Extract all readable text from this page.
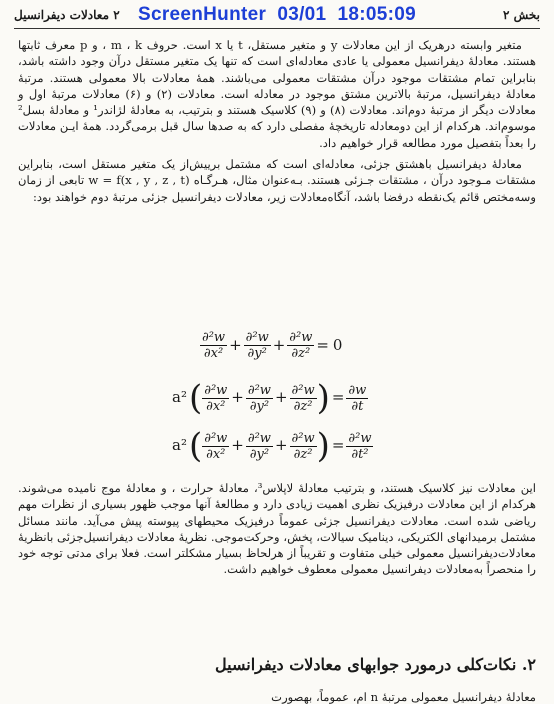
بخش ۲
۲ معادلات دیفرانسیل ScreenHunter  03/01  18:05:09

متغیر وابسته درهریک از این معادلات y و متغیر مستقل، t یا x است. حروف m ، k ، و p معرف ثابتها هستند. معادلهٔ دیفرانسیل معمولی یا عادی معادله‌ای است که تنها یک متغیر مستقل درآن وجود داشته باشد، بنابراین تمام مشتقات موجود درآن مشتقات معمولی می‌باشند. همهٔ معادلات بالا معمولی هستند. مرتبهٔ معادلهٔ دیفرانسیل، مرتبهٔ بالاترین مشتق موجود در معادله است. معادلات (۲) و (۶) معادلات مرتبهٔ اول و معادلات دیگر از مرتبهٔ دوم‌اند. معادلات (۸) و (۹) کلاسیک هستند و بترتیب، به معادلهٔ لژاندر¹ و معادلهٔ بسل² موسوم‌اند. هرکدام از این دومعادله تاریخچهٔ مفصلی دارد که به صدها سال قبل برمی‌گردد. همهٔ ایـن معادلات را بعداً بتفصیل مورد مطالعه قرار خواهیم داد.

معادلهٔ دیفرانسیل باهشتق جزئی، معادله‌ای است که مشتمل برییش‌از یک متغیر مستقل است، بنابراین مشتقات مـوجود درآن ، مشتقات جـزئی هستند. بـه‌عنوان مثال، هـرگـاه w = f(x , y , z , t) تابعی از زمان وسه‌مختص قائم یک‌نقطه درفضا باشد، آنگاه‌معادلات زیر، معادلات دیفرانسیل جزئی مرتبهٔ دوم خواهند بود:

$\frac{\text{∂²w}}{\text{∂x²}} + \frac{\text{∂²w}}{\text{∂y²}} + \frac{\text{∂²w}}{\text{∂z²}} = 0$
$a^2( \frac{\text{∂²w}}{\text{∂x²}} + \frac{\text{∂²w}}{\text{∂y²}} + \frac{\text{∂²w}}{\text{∂z²}}$ ) = $\frac{\partial w}{\partial t}$
$a^2( \frac{\text{∂²w}}{\text{∂x²}} + \frac{\text{∂²w}}{\text{∂y²}} + \frac{\text{∂²w}}{\text{∂z²}}$ ) = $\frac{\text{∂²w}}{\text{∂t²}}$

این معادلات نیز کلاسیک هستند، و بترتیب معادلهٔ لاپلاس³، معادلهٔ حرارت ، و معادلهٔ موج نامیده می‌شوند. هرکدام از این معادلات درفیزیک نظری اهمیت زیادی دارد و مطالعهٔ آنها موجب ظهور بسیاری از نظرات مهم ریاضی شده است. معادلات دیفرانسیل جزئی عموماً درفیزیک محیطهای پیوسته پیش می‌آید. مانند مسائل مشتمل برمیدانهای الکتریکی، دینامیک سیالات، پخش، وحرکت‌موجی. نظریهٔ معادلات دیفرانسیل‌جزئی بانظریهٔ معادلات‌دیفرانسیل معمولی خیلی متفاوت و تقریباً از هرلحاظ بسیار مشکلتر است. فعلا برای مدتی توجه خود را منحصراً به‌معادلات دیفرانسیل معمولی معطوف خواهیم داشت.

۲. نکات‌کلی درمورد جوابهای معادلات دیفرانسیل
معادلهٔ دیفرانسیل معمولی مرتبهٔ n ام، عموماً، بهصورت
